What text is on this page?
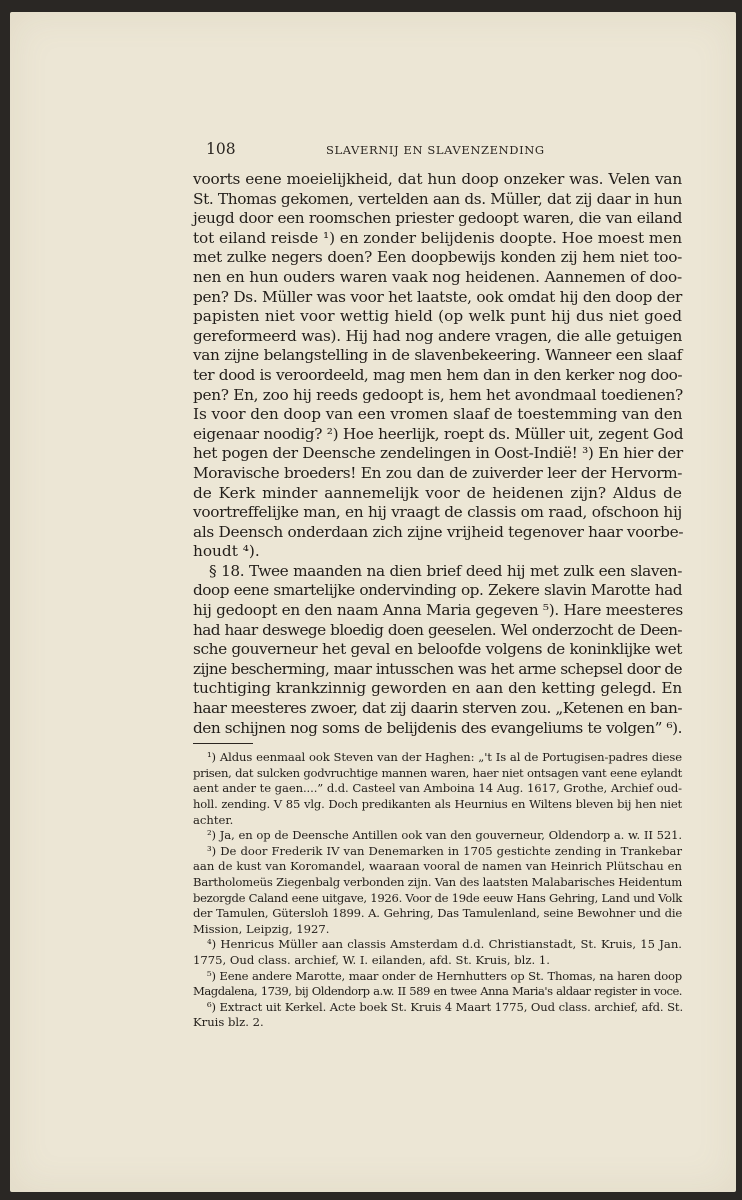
108	SLAVERNIJ EN SLAVENZENDING
voorts eene moeielijkheid, dat hun doop onzeker was. Velen van
St. Thomas gekomen, vertelden aan ds. Müller, dat zij daar in hun
jeugd door een roomschen priester gedoopt waren, die van eiland
tot eiland reisde ¹) en zonder belijdenis doopte. Hoe moest men
met zulke negers doen? Een doopbewijs konden zij hem niet too-
nen en hun ouders waren vaak nog heidenen. Aannemen of doo-
pen? Ds. Müller was voor het laatste, ook omdat hij den doop der
papisten niet voor wettig hield (op welk punt hij dus niet goed
gereformeerd was). Hij had nog andere vragen, die alle getuigen
van zijne belangstelling in de slavenbekeering. Wanneer een slaaf
ter dood is veroordeeld, mag men hem dan in den kerker nog doo-
pen? En, zoo hij reeds gedoopt is, hem het avondmaal toedienen?
Is voor den doop van een vromen slaaf de toestemming van den
eigenaar noodig? ²) Hoe heerlijk, roept ds. Müller uit, zegent God
het pogen der Deensche zendelingen in Oost-Indië! ³) En hier der
Moravische broeders! En zou dan de zuiverder leer der Hervorm-
de Kerk minder aannemelijk voor de heidenen zijn? Aldus de
voortreffelijke man, en hij vraagt de classis om raad, ofschoon hij
als Deensch onderdaan zich zijne vrijheid tegenover haar voorbe-
houdt ⁴).
§ 18. Twee maanden na dien brief deed hij met zulk een slaven-
doop eene smartelijke ondervinding op. Zekere slavin Marotte had
hij gedoopt en den naam Anna Maria gegeven ⁵). Hare meesteres
had haar deswege bloedig doen geeselen. Wel onderzocht de Deen-
sche gouverneur het geval en beloofde volgens de koninklijke wet
zijne bescherming, maar intusschen was het arme schepsel door de
tuchtiging krankzinnig geworden en aan den ketting gelegd. En
haar meesteres zwoer, dat zij daarin sterven zou. „Ketenen en ban-
den schijnen nog soms de belijdenis des evangeliums te volgen” ⁶).
¹) Aldus eenmaal ook Steven van der Haghen: „'t Is al de Portugisen-padres diese
prisen, dat sulcken godvruchtige mannen waren, haer niet ontsagen vant eene eylandt
aent ander te gaen....” d.d. Casteel van Amboina 14 Aug. 1617, Grothe, Archief oud-
holl. zending. V 85 vlg. Doch predikanten als Heurnius en Wiltens bleven bij hen niet
achter.
²) Ja, en op de Deensche Antillen ook van den gouverneur, Oldendorp a. w. II 521.
³) De door Frederik IV van Denemarken in 1705 gestichte zending in Trankebar
aan de kust van Koromandel, waaraan vooral de namen van Heinrich Plütschau en
Bartholomeüs Ziegenbalg verbonden zijn. Van des laatsten Malabarisches Heidentum
bezorgde Caland eene uitgave, 1926. Voor de 19de eeuw Hans Gehring, Land und Volk
der Tamulen, Gütersloh 1899. A. Gehring, Das Tamulenland, seine Bewohner und die
Mission, Leipzig, 1927.
⁴) Henricus Müller aan classis Amsterdam d.d. Christianstadt, St. Kruis, 15 Jan.
1775, Oud class. archief, W. I. eilanden, afd. St. Kruis, blz. 1.
⁵) Eene andere Marotte, maar onder de Hernhutters op St. Thomas, na haren doop
Magdalena, 1739, bij Oldendorp a.w. II 589 en twee Anna Maria's aldaar register in voce.
⁶) Extract uit Kerkel. Acte boek St. Kruis 4 Maart 1775, Oud class. archief, afd. St.
Kruis blz. 2.
